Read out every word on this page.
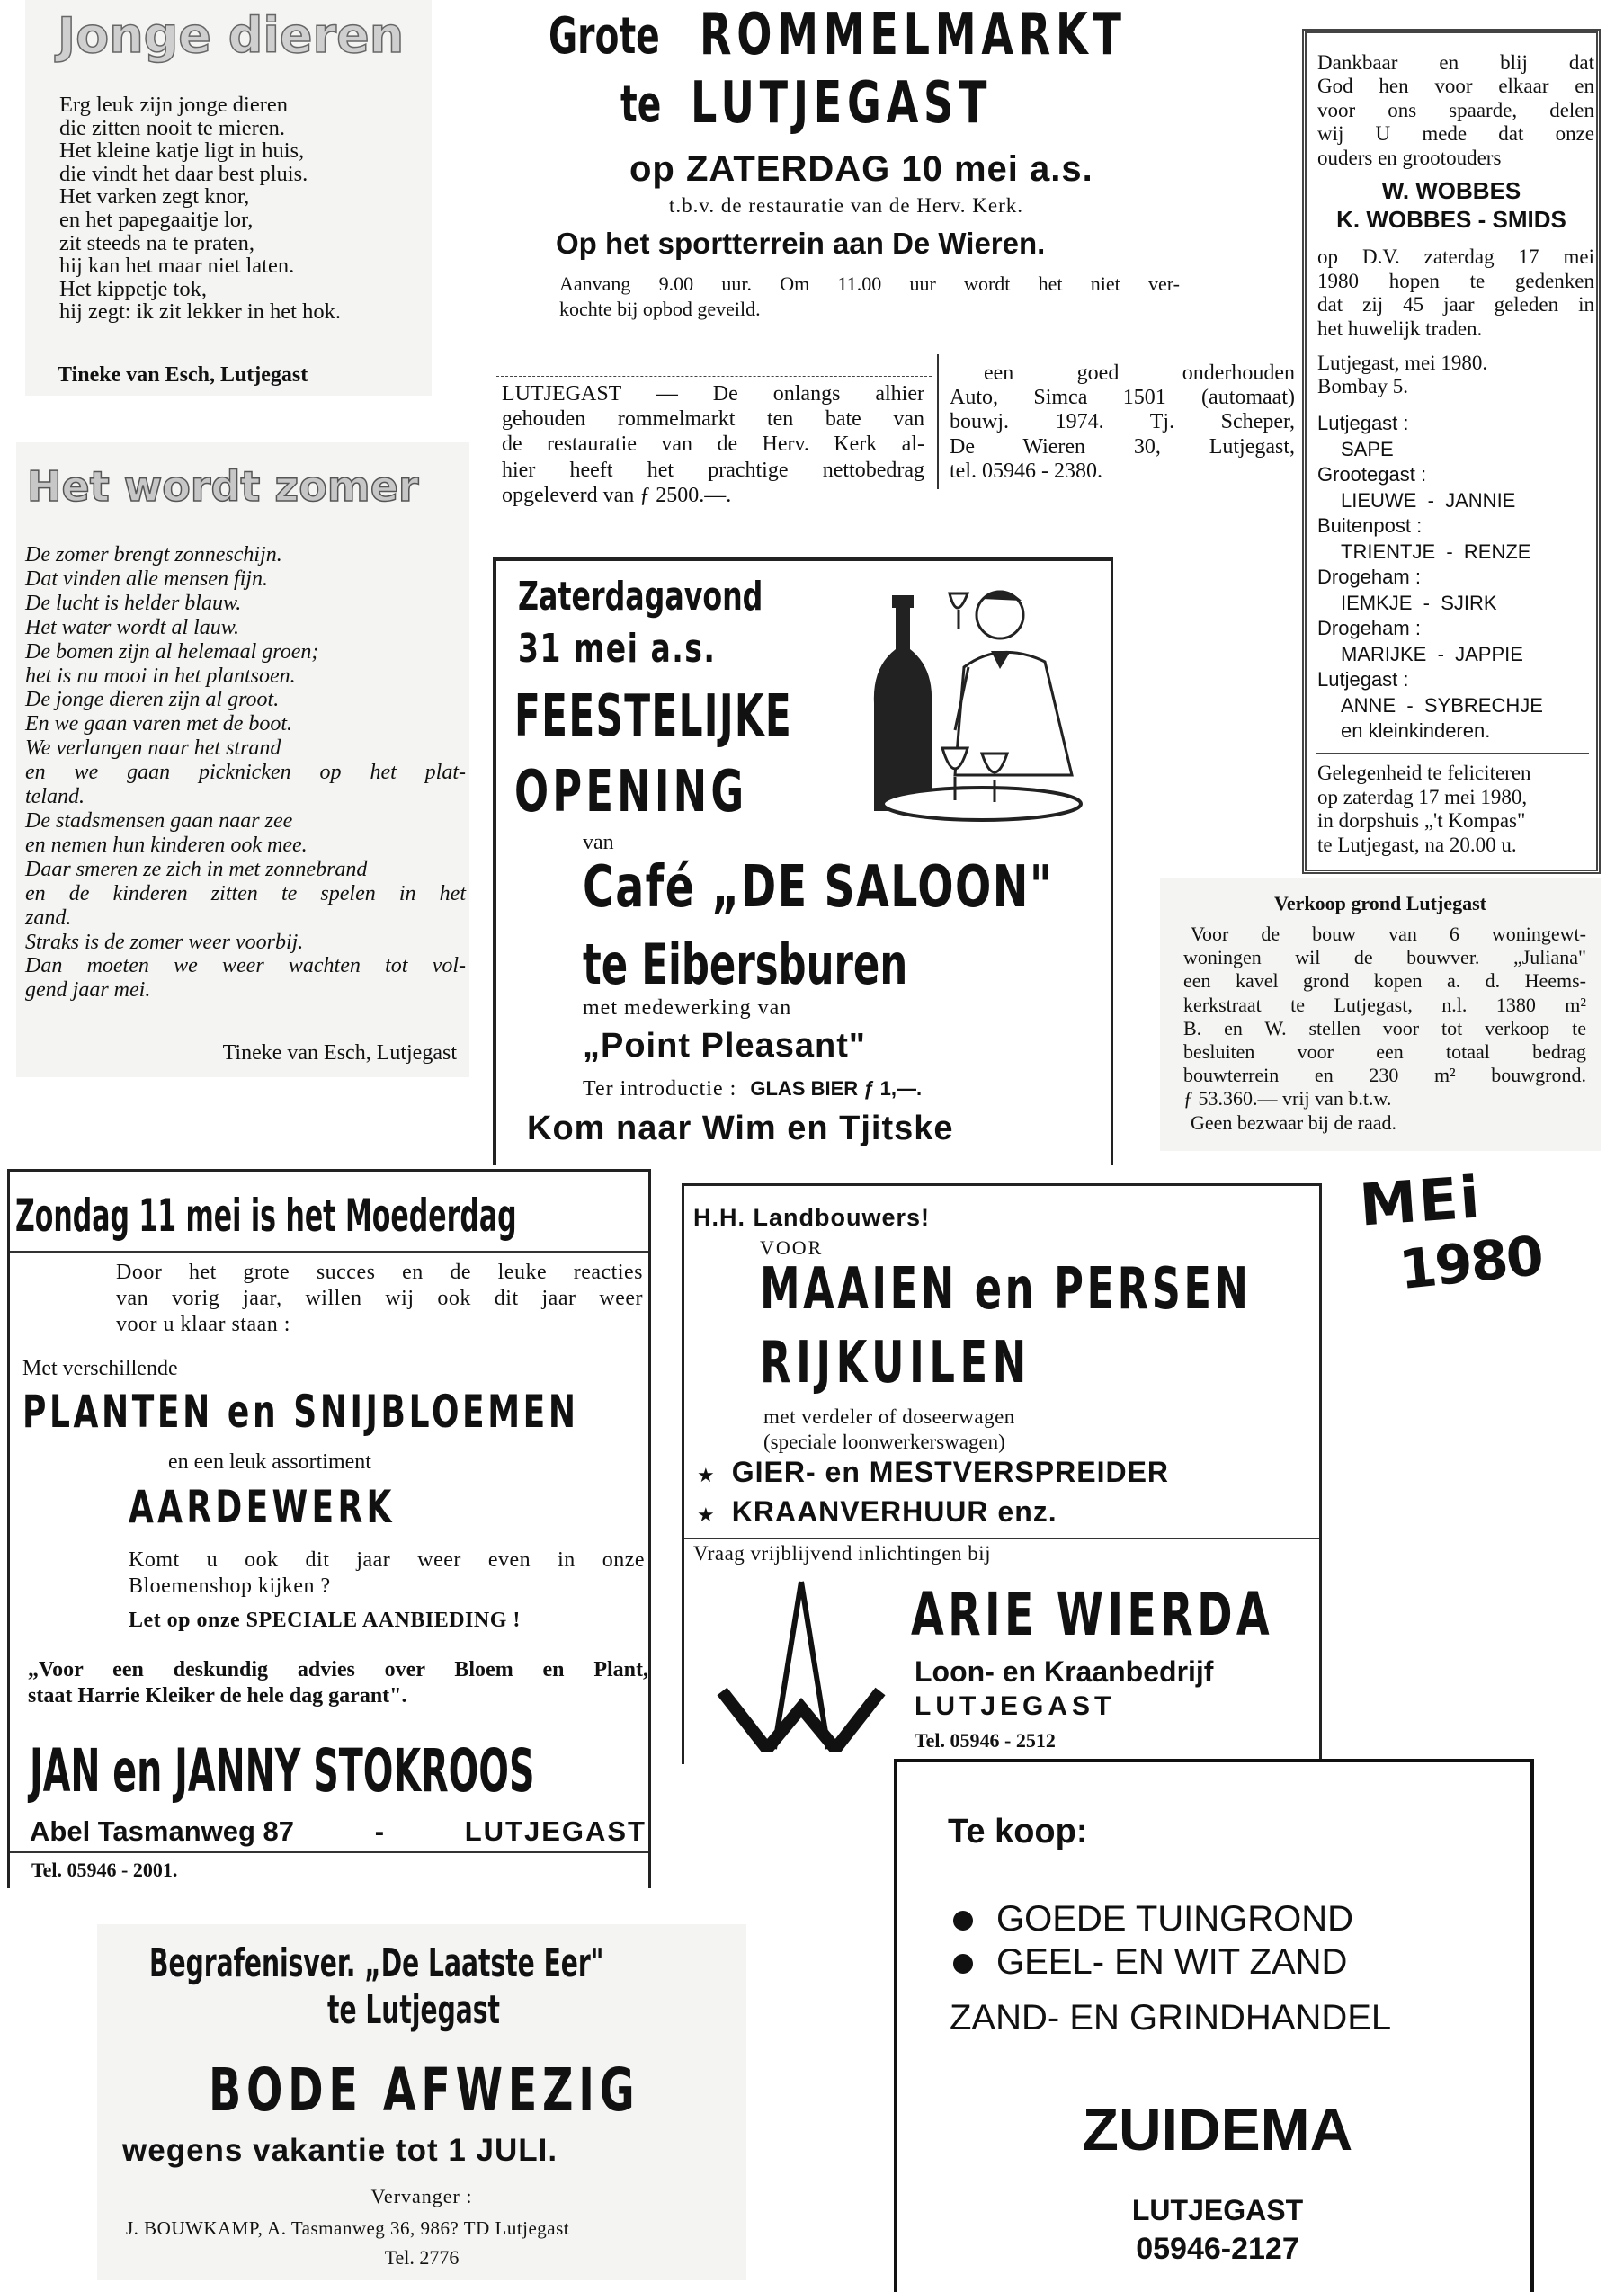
Jonge dieren
Erg leuk zijn jonge dieren
die zitten nooit te mieren.
Het kleine katje ligt in huis,
die vindt het daar best pluis.
Het varken zegt knor,
en het papegaaitje lor,
zit steeds na te praten,
hij kan het maar niet laten.
Het kippetje tok,
hij zegt: ik zit lekker in het hok.
Tineke van Esch, Lutjegast
Het wordt zomer
De zomer brengt zonneschijn.
Dat vinden alle mensen fijn.
De lucht is helder blauw.
Het water wordt al lauw.
De bomen zijn al helemaal groen;
het is nu mooi in het plantsoen.
De jonge dieren zijn al groot.
En we gaan varen met de boot.
We verlangen naar het strand
en we gaan picknicken op het plat-
teland.
De stadsmensen gaan naar zee
en nemen hun kinderen ook mee.
Daar smeren ze zich in met zonnebrand
en de kinderen zitten te spelen in het
zand.
Straks is de zomer weer voorbij.
Dan moeten we weer wachten tot vol-
gend jaar mei.
Tineke van Esch, Lutjegast
Grote ROMMELMARKT
te LUTJEGAST
op ZATERDAG 10 mei a.s.
t.b.v. de restauratie van de Herv. Kerk.
Op het sportterrein aan De Wieren.
Aanvang 9.00 uur. Om 11.00 uur wordt het niet ver-
kochte bij opbod geveild.
LUTJEGAST — De onlangs alhier
gehouden rommelmarkt ten bate van
de restauratie van de Herv. Kerk al-
hier heeft het prachtige nettobedrag
opgeleverd van ƒ 2500.—.
een goed onderhouden
Auto, Simca 1501 (automaat)
bouwj. 1974. Tj. Scheper,
De Wieren 30, Lutjegast,
tel. 05946 - 2380.
Dankbaar en blij dat
God hen voor elkaar en
voor ons spaarde, delen
wij U mede dat onze
ouders en grootouders
W. WOBBES
K. WOBBES - SMIDS
op D.V. zaterdag 17 mei
1980 hopen te gedenken
dat zij 45 jaar geleden in
het huwelijk traden.
Lutjegast, mei 1980.
Bombay 5.
Lutjegast :
SAPE
Grootegast :
LIEUWE  -  JANNIE
Buitenpost :
TRIENTJE  -  RENZE
Drogeham :
IEMKJE  -  SJIRK
Drogeham :
MARIJKE  -  JAPPIE
Lutjegast :
ANNE  -  SYBRECHJE
en kleinkinderen.
Gelegenheid te feliciteren
op zaterdag 17 mei 1980,
in dorpshuis „'t Kompas"
te Lutjegast, na 20.00 u.
Zaterdagavond
31 mei a.s.
FEESTELIJKE
OPENING
van
Café „DE SALOON"
te Eibersburen
met medewerking van
„Point Pleasant"
Ter introductie : GLAS BIER ƒ 1,—.
Kom naar Wim en Tjitske
Verkoop grond Lutjegast
Voor de bouw van 6 woningewt-
woningen wil de bouwver. „Juliana"
een kavel grond kopen a. d. Heems-
kerkstraat te Lutjegast, n.l. 1380 m²
B. en W. stellen voor tot verkoop te
besluiten voor een totaal bedrag
bouwterrein en 230 m² bouwgrond.
ƒ 53.360.— vrij van b.t.w.
Geen bezwaar bij de raad.
MEi
1980
Zondag 11 mei is het Moederdag
Door het grote succes en de leuke reacties
van vorig jaar, willen wij ook dit jaar weer
voor u klaar staan :
Met verschillende
PLANTEN en SNIJBLOEMEN
en een leuk assortiment
AARDEWERK
Komt u ook dit jaar weer even in onze
Bloemenshop kijken ?
Let op onze SPECIALE AANBIEDING !
„Voor een deskundig advies over Bloem en Plant,
staat Harrie Kleiker de hele dag garant".
JAN en JANNY STOKROOS
Abel Tasmanweg 87	-	LUTJEGAST
Tel. 05946 - 2001.
H.H. Landbouwers!
VOOR
MAAIEN en PERSEN
RIJKUILEN
met verdeler of doseerwagen
(speciale loonwerkerswagen)
★ GIER- en MESTVERSPREIDER
★ KRAANVERHUUR enz.
Vraag vrijblijvend inlichtingen bij
ARIE WIERDA
Loon- en Kraanbedrijf
LUTJEGAST
Tel. 05946 - 2512
Begrafenisver. „De Laatste Eer"
te Lutjegast
BODE AFWEZIG
wegens vakantie tot 1 JULI.
Vervanger :
J. BOUWKAMP, A. Tasmanweg 36, 986? TD Lutjegast
Tel. 2776
Te koop:
GOEDE TUINGROND
GEEL- EN WIT ZAND
ZAND- EN GRINDHANDEL
ZUIDEMA
LUTJEGAST
05946-2127
